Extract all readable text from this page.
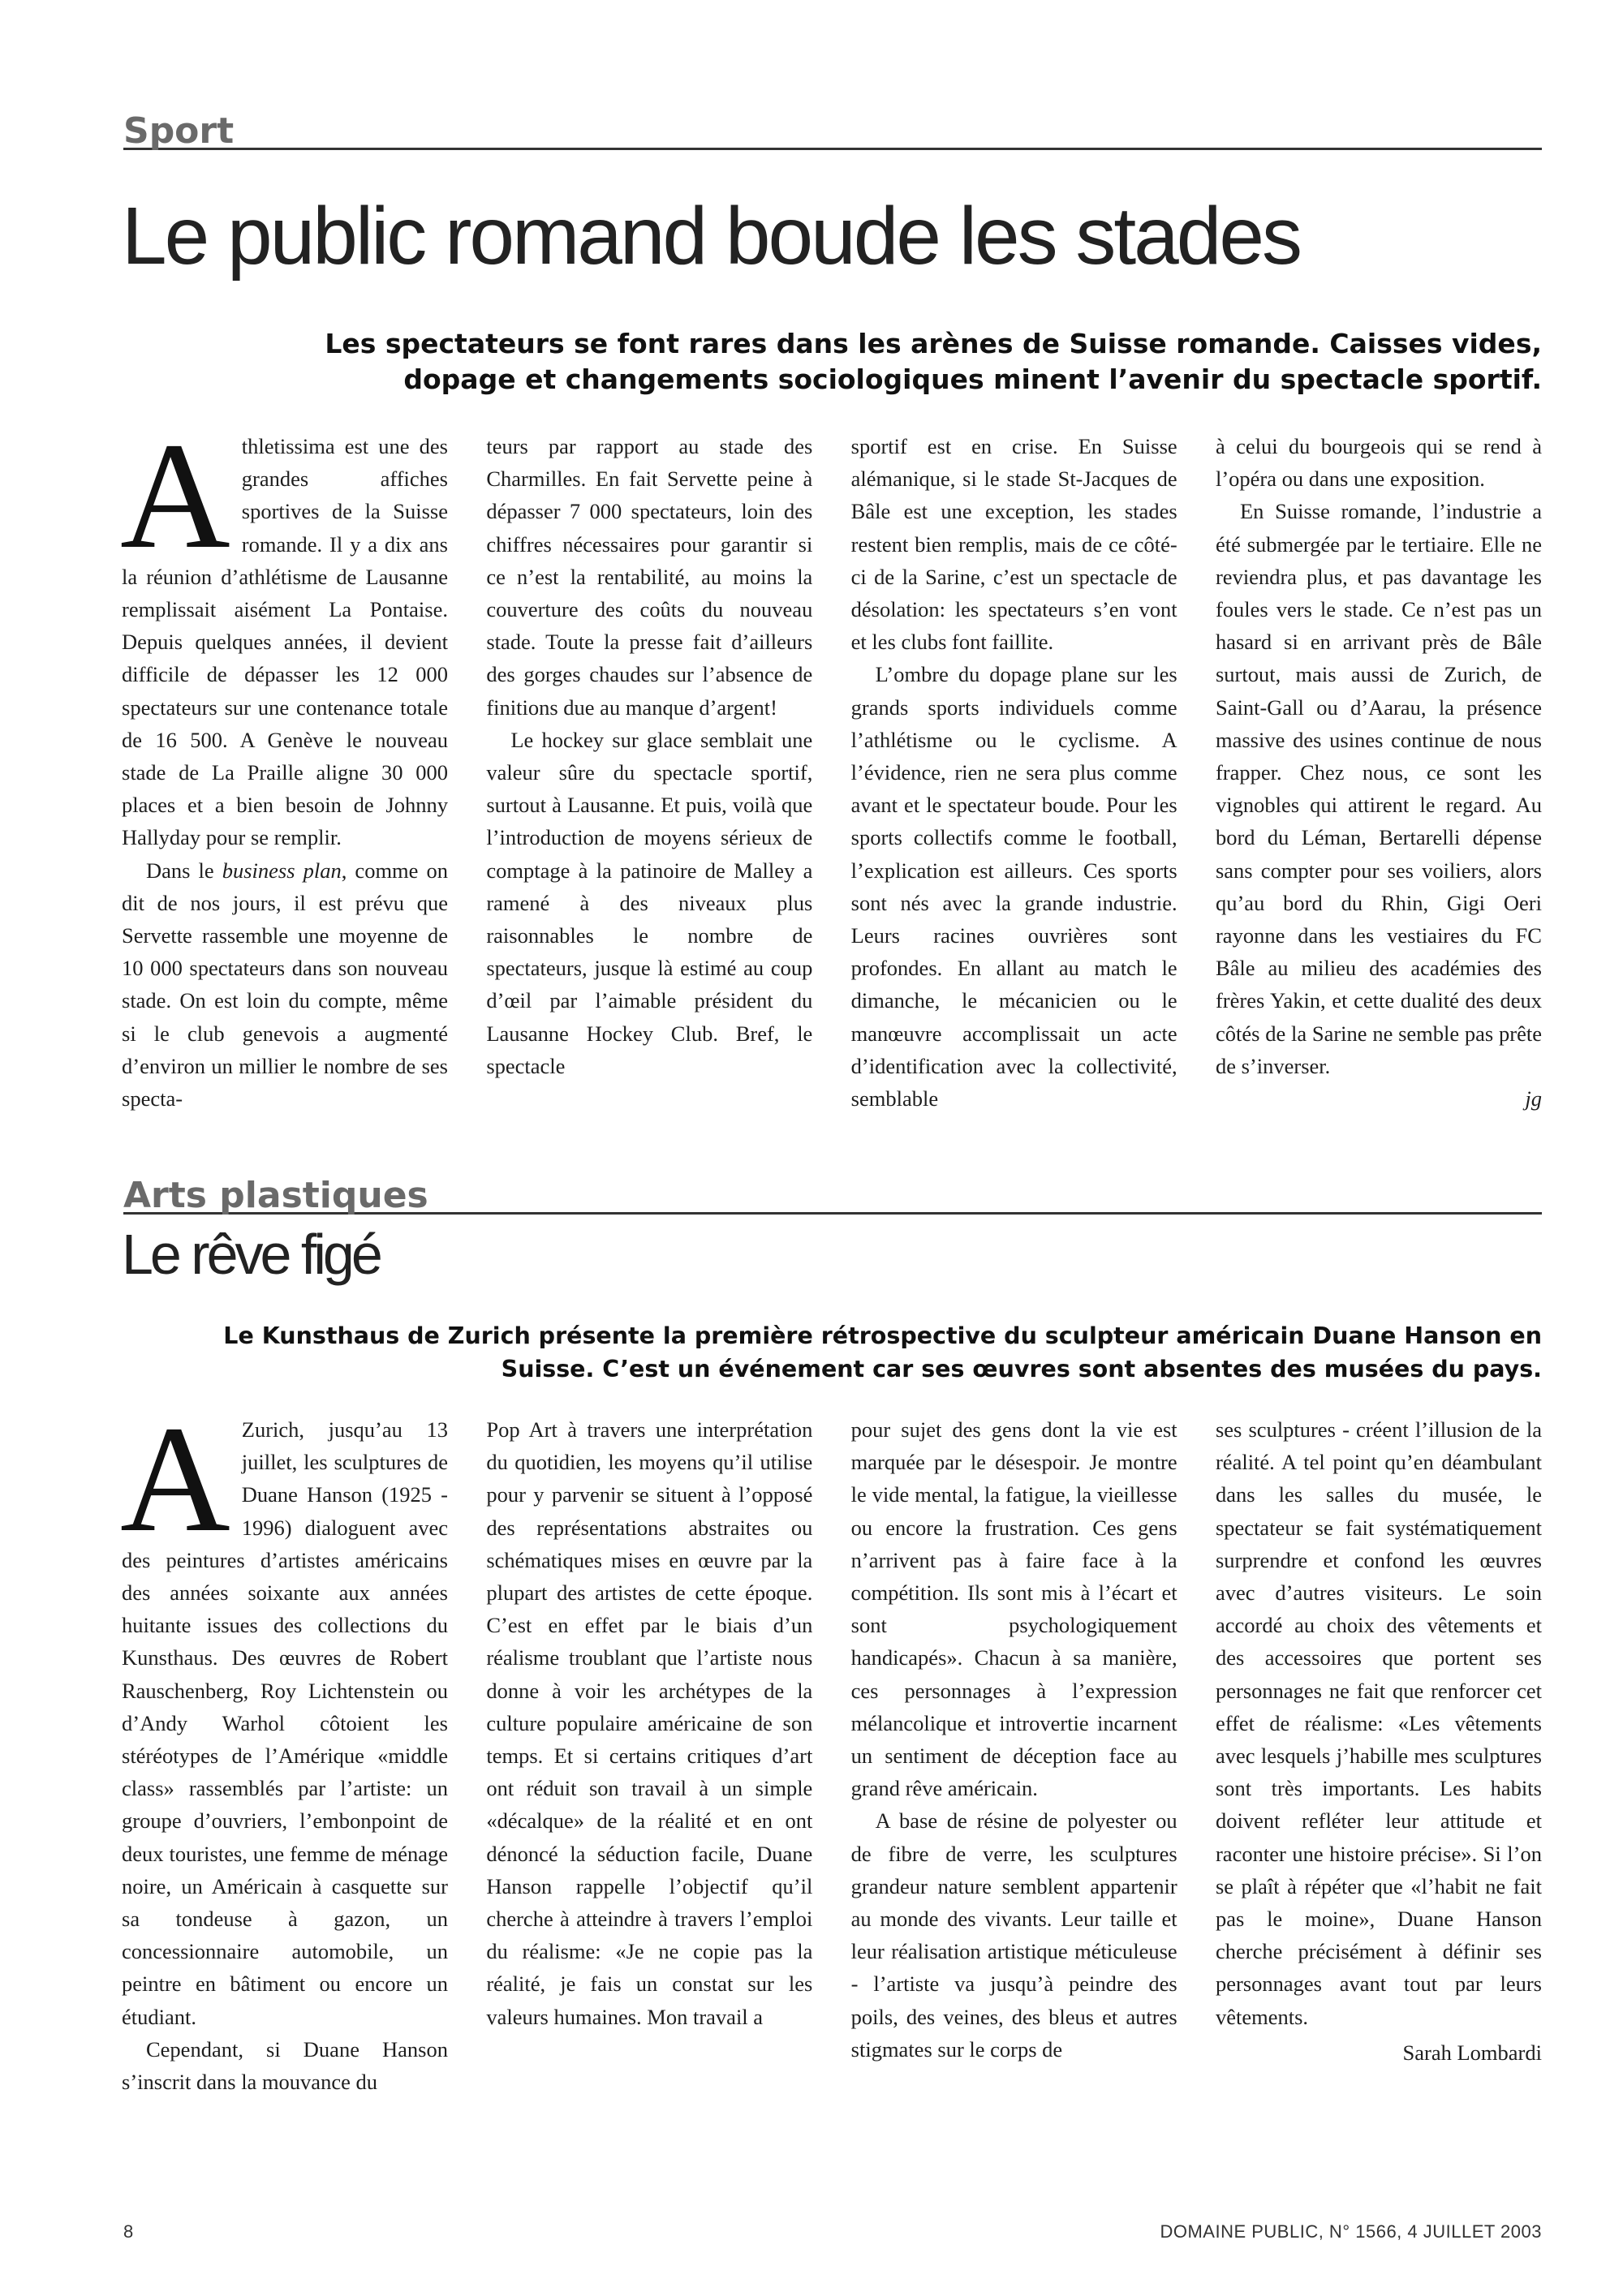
Sport
Le public romand boude les stades

Les spectateurs se font rares dans les arènes de Suisse romande. Caisses vides, dopage et changements sociologiques minent l’avenir du spectacle sportif.

A thletissima est une des grandes affiches sportives de la Suisse romande. Il y a dix ans la réunion d’athlétisme de Lausanne remplissait aisément La Pontaise. Depuis quelques années, il devient difficile de dépasser les 12 000 spectateurs sur une contenance totale de 16 500. A Genève le nouveau stade de La Praille aligne 30 000 places et a bien besoin de Johnny Hallyday pour se remplir.

Dans le business plan, comme on dit de nos jours, il est prévu que Servette rassemble une moyenne de 10 000 spectateurs dans son nouveau stade. On est loin du compte, même si le club genevois a augmenté d’environ un millier le nombre de ses specta-

teurs par rapport au stade des Charmilles. En fait Servette peine à dépasser 7 000 spectateurs, loin des chiffres nécessaires pour garantir si ce n’est la rentabilité, au moins la couverture des coûts du nouveau stade. Toute la presse fait d’ailleurs des gorges chaudes sur l’absence de finitions due au manque d’argent!

Le hockey sur glace semblait une valeur sûre du spectacle sportif, surtout à Lausanne. Et puis, voilà que l’introduction de moyens sérieux de comptage à la patinoire de Malley a ramené à des niveaux plus raisonnables le nombre de spectateurs, jusque là estimé au coup d’œil par l’aimable président du Lausanne Hockey Club. Bref, le spectacle

sportif est en crise. En Suisse alémanique, si le stade St-Jacques de Bâle est une exception, les stades restent bien remplis, mais de ce côté-ci de la Sarine, c’est un spectacle de désolation: les spectateurs s’en vont et les clubs font faillite.

L’ombre du dopage plane sur les grands sports individuels comme l’athlétisme ou le cyclisme. A l’évidence, rien ne sera plus comme avant et le spectateur boude. Pour les sports collectifs comme le football, l’explication est ailleurs. Ces sports sont nés avec la grande industrie. Leurs racines ouvrières sont profondes. En allant au match le dimanche, le mécanicien ou le manœuvre accomplissait un acte d’identification avec la collectivité, semblable

à celui du bourgeois qui se rend à l’opéra ou dans une exposition.

En Suisse romande, l’industrie a été submergée par le tertiaire. Elle ne reviendra plus, et pas davantage les foules vers le stade. Ce n’est pas un hasard si en arrivant près de Bâle surtout, mais aussi de Zurich, de Saint-Gall ou d’Aarau, la présence massive des usines continue de nous frapper. Chez nous, ce sont les vignobles qui attirent le regard. Au bord du Léman, Bertarelli dépense sans compter pour ses voiliers, alors qu’au bord du Rhin, Gigi Oeri rayonne dans les vestiaires du FC Bâle au milieu des académies des frères Yakin, et cette dualité des deux côtés de la Sarine ne semble pas prête de s’inverser.

jg

Arts plastiques
Le rêve figé

Le Kunsthaus de Zurich présente la première rétrospective du sculpteur américain Duane Hanson en Suisse. C’est un événement car ses œuvres sont absentes des musées du pays.

A Zurich, jusqu’au 13 juillet, les sculptures de Duane Hanson (1925 - 1996) dialoguent avec des peintures d’artistes américains des années soixante aux années huitante issues des collections du Kunsthaus. Des œuvres de Robert Rauschenberg, Roy Lichtenstein ou d’Andy Warhol côtoient les stéréotypes de l’Amérique «middle class» rassemblés par l’artiste: un groupe d’ouvriers, l’embonpoint de deux touristes, une femme de ménage noire, un Américain à casquette sur sa tondeuse à gazon, un concessionnaire automobile, un peintre en bâtiment ou encore un étudiant.

Cependant, si Duane Hanson s’inscrit dans la mouvance du

Pop Art à travers une interprétation du quotidien, les moyens qu’il utilise pour y parvenir se situent à l’opposé des représentations abstraites ou schématiques mises en œuvre par la plupart des artistes de cette époque. C’est en effet par le biais d’un réalisme troublant que l’artiste nous donne à voir les archétypes de la culture populaire américaine de son temps. Et si certains critiques d’art ont réduit son travail à un simple «décalque» de la réalité et en ont dénoncé la séduction facile, Duane Hanson rappelle l’objectif qu’il cherche à atteindre à travers l’emploi du réalisme: «Je ne copie pas la réalité, je fais un constat sur les valeurs humaines. Mon travail a

pour sujet des gens dont la vie est marquée par le désespoir. Je montre le vide mental, la fatigue, la vieillesse ou encore la frustration. Ces gens n’arrivent pas à faire face à la compétition. Ils sont mis à l’écart et sont psychologiquement handicapés». Chacun à sa manière, ces personnages à l’expression mélancolique et introvertie incarnent un sentiment de déception face au grand rêve américain.

A base de résine de polyester ou de fibre de verre, les sculptures grandeur nature semblent appartenir au monde des vivants. Leur taille et leur réalisation artistique méticuleuse - l’artiste va jusqu’à peindre des poils, des veines, des bleus et autres stigmates sur le corps de

ses sculptures - créent l’illusion de la réalité. A tel point qu’en déambulant dans les salles du musée, le spectateur se fait systématiquement surprendre et confond les œuvres avec d’autres visiteurs. Le soin accordé au choix des vêtements et des accessoires que portent ses personnages ne fait que renforcer cet effet de réalisme: «Les vêtements avec lesquels j’habille mes sculptures sont très importants. Les habits doivent refléter leur attitude et raconter une histoire précise». Si l’on se plaît à répéter que «l’habit ne fait pas le moine», Duane Hanson cherche précisément à définir ses personnages avant tout par leurs vêtements.

Sarah Lombardi

8	DOMAINE PUBLIC, N° 1566, 4 JUILLET 2003
